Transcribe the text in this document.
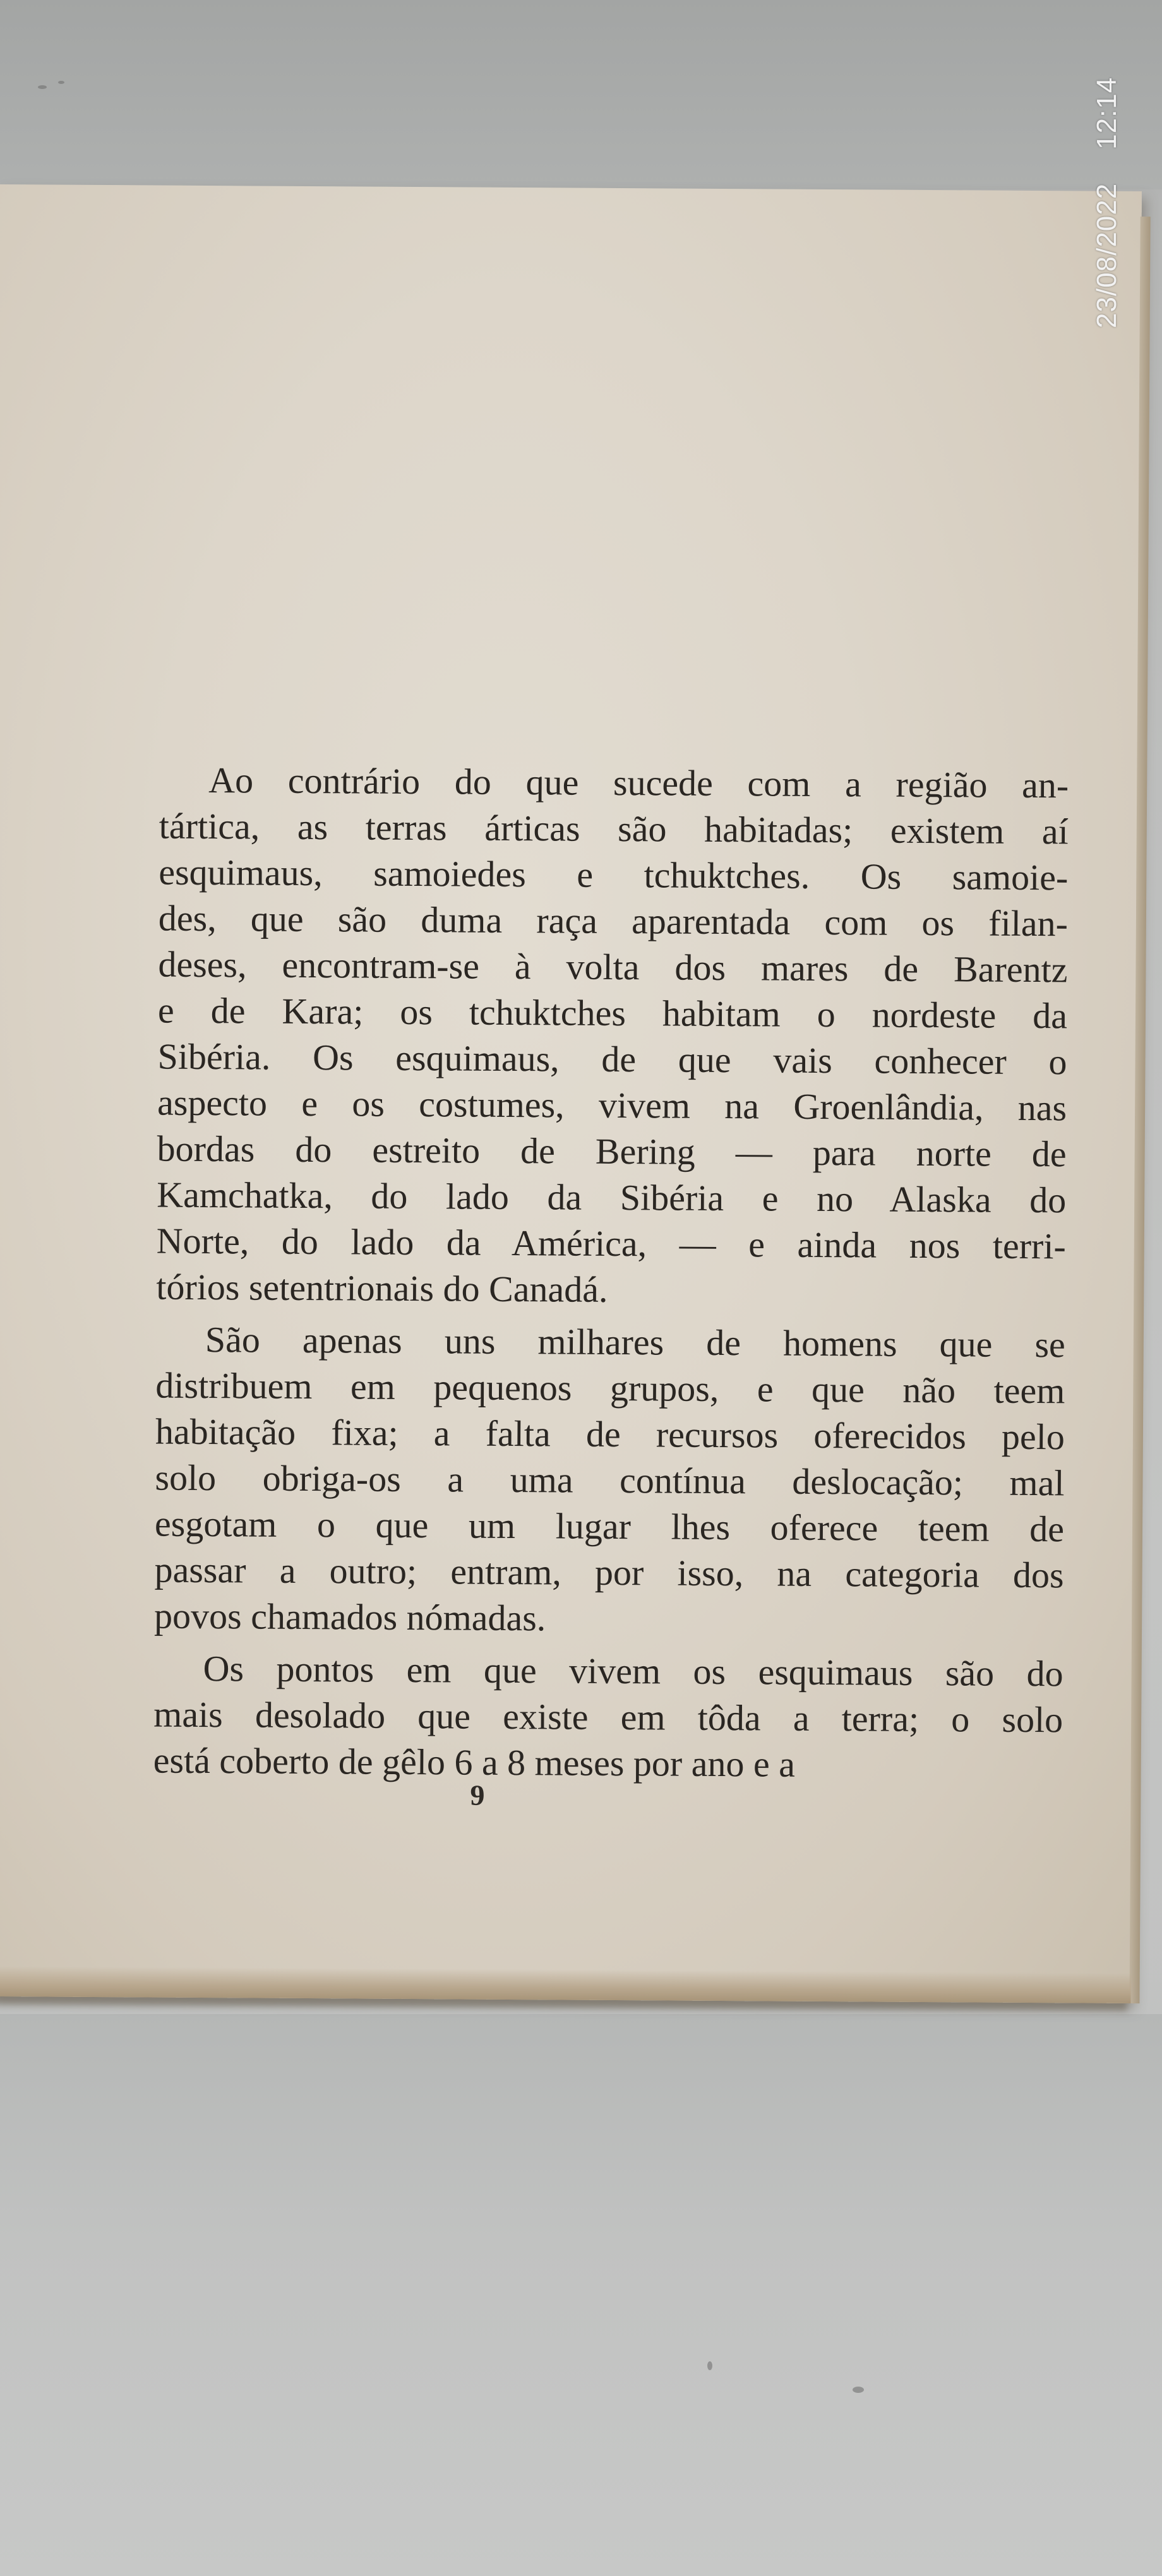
Ao contrário do que sucede com a região an-
tártica, as terras árticas são habitadas; existem aí
esquimaus, samoiedes e tchuktches. Os samoie-
des, que são duma raça aparentada com os filan-
deses, encontram-se à volta dos mares de Barentz
e de Kara; os tchuktches habitam o nordeste da
Sibéria. Os esquimaus, de que vais conhecer o
aspecto e os costumes, vivem na Groenlândia, nas
bordas do estreito de Bering — para norte de
Kamchatka, do lado da Sibéria e no Alaska do
Norte, do lado da América, — e ainda nos terri-
tórios setentrionais do Canadá.

São apenas uns milhares de homens que se
distribuem em pequenos grupos, e que não teem
habitação fixa; a falta de recursos oferecidos pelo
solo obriga-os a uma contínua deslocação; mal
esgotam o que um lugar lhes oferece teem de
passar a outro; entram, por isso, na categoria dos
povos chamados nómadas.

Os pontos em que vivem os esquimaus são do
mais desolado que existe em tôda a terra; o solo
está coberto de gêlo 6 a 8 meses por ano e a

9
23/08/2022    12:14
